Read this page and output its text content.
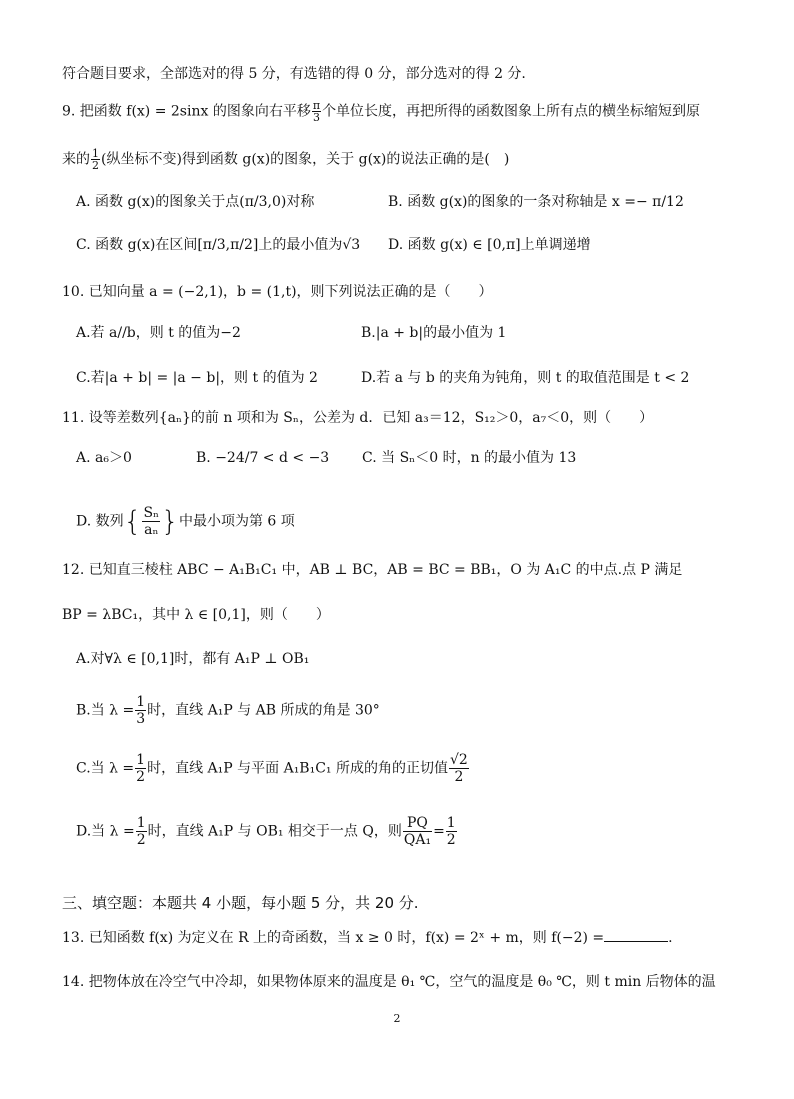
符合题目要求，全部选对的得 5 分，有选错的得 0 分，部分选对的得 2 分.
9. 把函数 f(x) = 2sinx 的图象向右平移 $\frac{\pi}{3}$ 个单位长度，再把所得的函数图象上所有点的横坐标缩短到原
来的 $\frac{1}{2}$ (纵坐标不变)得到函数 g(x)的图象，关于 g(x)的说法正确的是(　)
A. 函数 g(x)的图象关于点(π/3,0)对称	B. 函数 g(x)的图象的一条对称轴是 x =− π/12
C. 函数 g(x)在区间[π/3,π/2]上的最小值为√3 D. 函数 g(x) ∈ [0,π]上单调递增
10. 已知向量 a = (−2,1)，b = (1,t)，则下列说法正确的是（　　）
A.若 a//b，则 t 的值为−2	B.|a + b|的最小值为 1
C.若|a + b| = |a − b|，则 t 的值为 2	D.若 a 与 b 的夹角为钝角，则 t 的取值范围是 t < 2
11. 设等差数列{aₙ}的前 n 项和为 Sₙ，公差为 d．已知 a₃＝12，S₁₂＞0，a₇＜0，则（　　）
A. a₆＞0	B. −24/7 < d < −3 C. 当 Sₙ＜0 时，n 的最小值为 13
D. 数列{ $\frac{\text{Sₙ}}{\text{aₙ}}$ }中最小项为第 6 项
12. 已知直三棱柱 ABC − A₁B₁C₁ 中，AB ⊥ BC，AB = BC = BB₁，O 为 A₁C 的中点.点 P 满足
BP = λBC₁，其中 λ ∈ [0,1]，则（　　）
A.对∀λ ∈ [0,1]时，都有 A₁P ⊥ OB₁
B.当 $\lambda = \frac{1}{3}$ 时，直线 A₁P 与 AB 所成的角是 30°
C.当 $\lambda = \frac{1}{2}$ 时，直线 A₁P 与平面 A₁B₁C₁ 所成的角的正切值 $\frac{√2}{2}$
D.当 $\lambda = \frac{1}{2}$ 时，直线 A₁P 与 OB₁ 相交于一点 Q，则 $\frac{PQ}{\text{QA₁}} = \frac{1}{2}$
三、填空题：本题共 4 小题，每小题 5 分，共 20 分.
13. 已知函数 f(x) 为定义在 R 上的奇函数，当 x ≥ 0 时，f(x) = 2ˣ + m，则 f(−2) =	.
14. 把物体放在冷空气中冷却，如果物体原来的温度是 θ₁ ℃，空气的温度是 θ₀ ℃，则 t min 后物体的温
2
